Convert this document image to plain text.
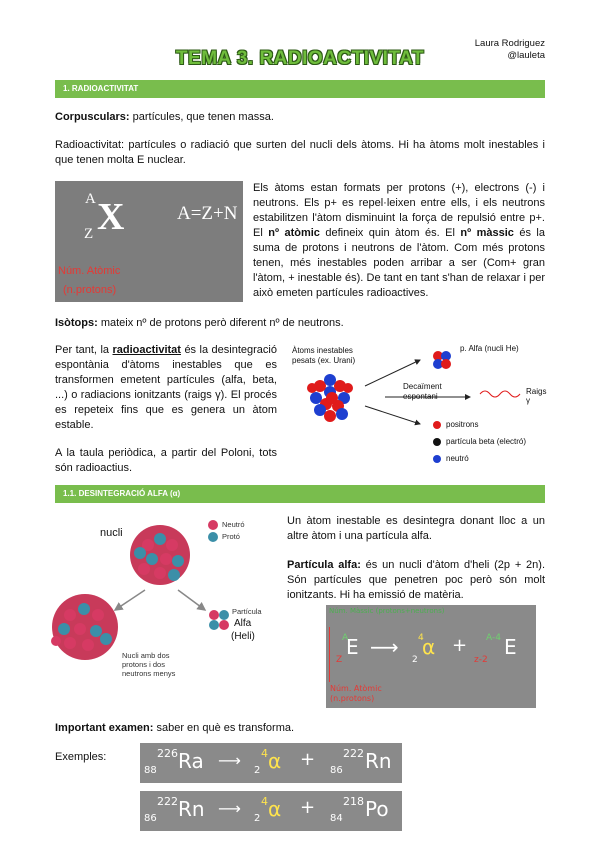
Laura Rodriguez
@lauleta
TEMA 3. RADIOACTIVITAT
1. RADIOACTIVITAT
Corpusculars: partícules, que tenen massa.
Radioactivitat: partícules o radiació que surten del nucli dels àtoms. Hi ha àtoms molt inestables i que tenen molta E nuclear.
A X
Z
A=Z+N
Núm. Atòmic
(n.protons)
Els àtoms estan formats per protons (+), electrons (-) i neutrons. Els p+ es repel·leixen entre ells, i els neutrons estabilitzen l'àtom disminuint la força de repulsió entre p+. El nº atòmic defineix quin àtom és. El nº màssic és la suma de protons i neutrons de l'àtom. Com més protons tenen, més inestables poden arribar a ser (Com+ gran l'àtom, + inestable és). De tant en tant s'han de relaxar i per això emeten partícules radioactives.
Isòtops: mateix nº de protons però diferent nº de neutrons.
Per tant, la radioactivitat és la desintegració espontània d'àtoms inestables que es transformen emetent partícules (alfa, beta, ...) o radiacions ionitzants (raigs γ). El procés es repeteix fins que es genera un àtom estable.
A la taula periòdica, a partir del Poloni, tots són radioactius.
Àtoms inestables pesats (ex. Urani)
Decaïment espontani
p. Alfa (nucli He)
Raigs γ
positrons
partícula beta (electró)
neutró
1.1. DESINTEGRACIÓ ALFA (α)
nucli
Neutró
Protó
Partícula
Alfa
(Heli)
Nucli amb dos protons i dos neutrons menys
Un àtom inestable es desintegra donant lloc a un altre àtom i una partícula alfa.
Partícula alfa: és un nucli d'àtom d'heli (2p + 2n). Són partícules que penetren poc però són molt ionitzants. Hi ha emissió de matèria.
Núm. Màssic (protons+neutrons)
A
E
Z
⟶ 4
2
α + A-4
z-2
E
Núm. Atòmic
(n.protons)
Important examen: saber en què es transforma.
Exemples:
88
226 Ra ⟶
2
4 α +
86
222 Rn
86
222 Rn ⟶
2
4 α +
84
218 Po
